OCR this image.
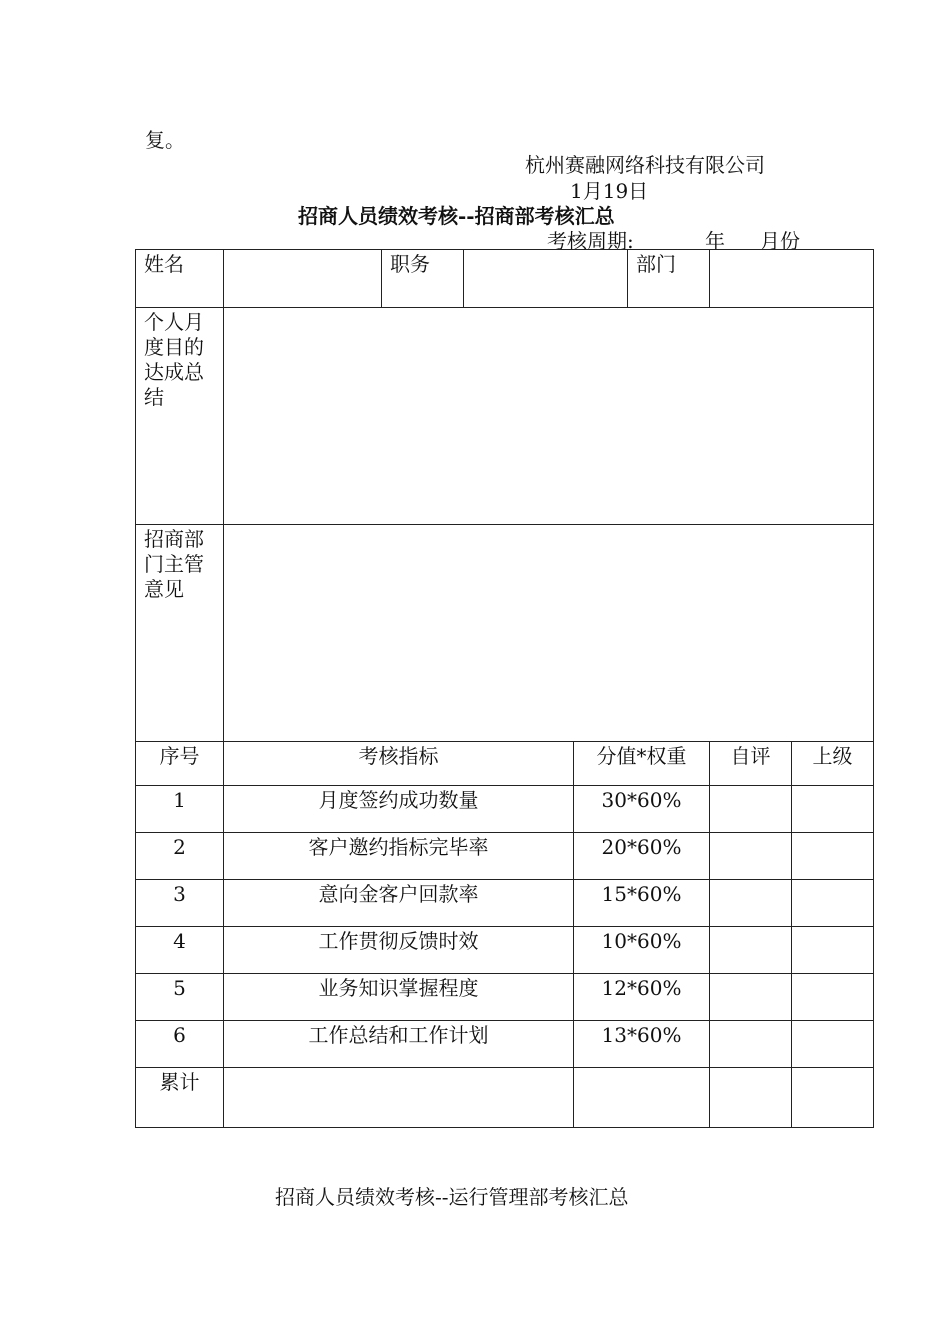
复。
杭州赛融网络科技有限公司
1月19日
招商人员绩效考核--招商部考核汇总
考核周期:	年 月份
姓名		职务			部门		
个人月度目的达成总结							
招商部门主管意见							
序号	考核指标			分值*权重		自评	上级
1	月度签约成功数量			30*60%			
2	客户邀约指标完毕率			20*60%			
3	意向金客户回款率			15*60%			
4	工作贯彻反馈时效			10*60%			
5	业务知识掌握程度			12*60%			
6	工作总结和工作计划			13*60%			
累计							
招商人员绩效考核--运行管理部考核汇总
